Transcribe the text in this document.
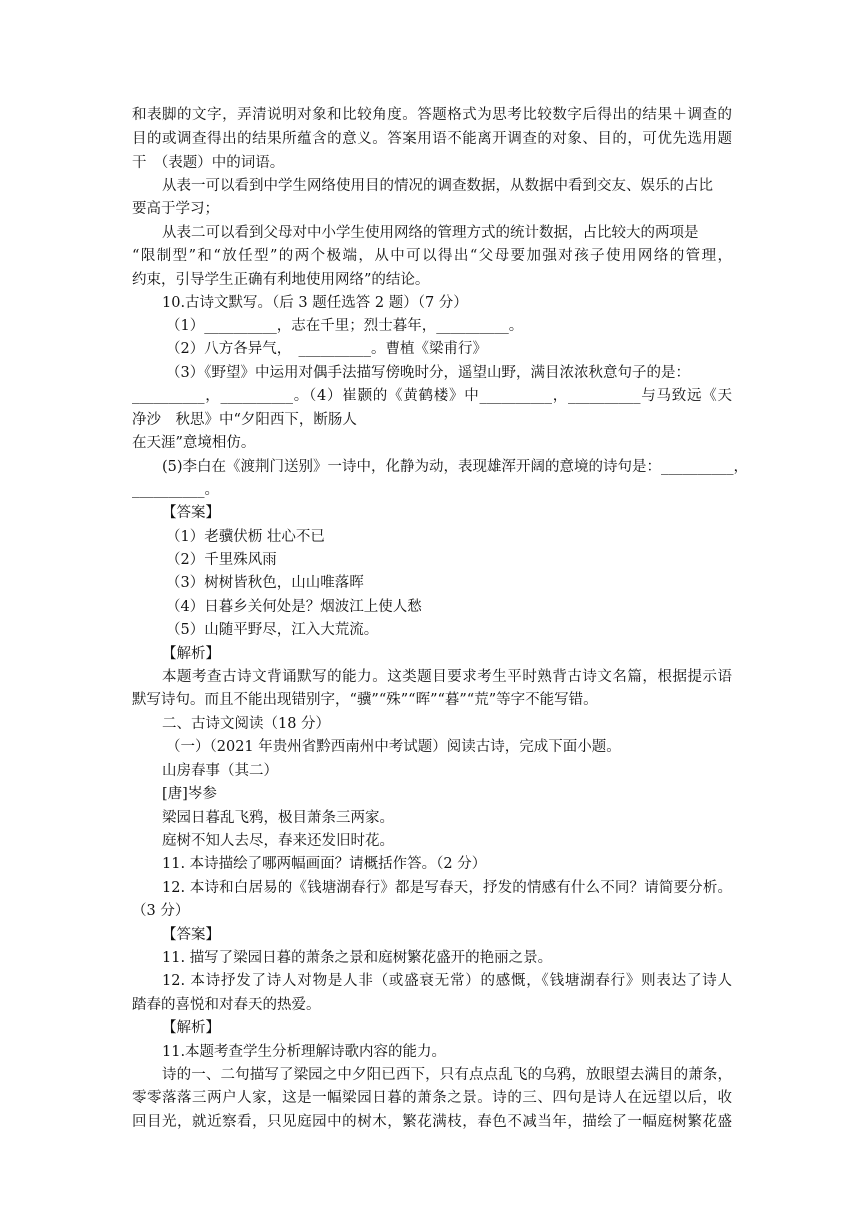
和表脚的文字，弄清说明对象和比较角度。答题格式为思考比较数字后得出的结果＋调查的
目的或调查得出的结果所蕴含的意义。答案用语不能离开调查的对象、目的，可优先选用题
干　（表题）中的词语。
从表一可以看到中学生网络使用目的情况的调查数据，从数据中看到交友、娱乐的占比
要高于学习；
从表二可以看到父母对中小学生使用网络的管理方式的统计数据，占比较大的两项是
“限制型”和“放任型”的两个极端，从中可以得出“父母要加强对孩子使用网络的管理，
约束，引导学生正确有利地使用网络”的结论。
10.古诗文默写。（后 3 题任选答 2 题）（7 分）
（1）__________，志在千里；烈士暮年，__________。
（2）八方各异气，　__________。曹植《梁甫行》
（3）《野望》中运用对偶手法描写傍晚时分，遥望山野，满目浓浓秋意句子的是：
__________，__________。（4）崔颢的《黄鹤楼》中__________，__________与马致远《天
净沙　秋思》中“夕阳西下，断肠人
在天涯”意境相仿。
(5)李白在《渡荆门送别》一诗中，化静为动，表现雄浑开阔的意境的诗句是：__________，
__________。
【答案】
（1）老骥伏枥 壮心不已
（2）千里殊风雨
（3）树树皆秋色，山山唯落晖
（4）日暮乡关何处是？烟波江上使人愁
（5）山随平野尽，江入大荒流。
【解析】
本题考查古诗文背诵默写的能力。这类题目要求考生平时熟背古诗文名篇，根据提示语
默写诗句。而且不能出现错别字，“骥”“殊”“晖”“暮”“荒”等字不能写错。
二、古诗文阅读（18 分）
（一）（2021 年贵州省黔西南州中考试题）阅读古诗，完成下面小题。
山房春事（其二）
[唐]岑参
梁园日暮乱飞鸦，极目萧条三两家。
庭树不知人去尽，春来还发旧时花。
11. 本诗描绘了哪两幅画面？请概括作答。（2 分）
12. 本诗和白居易的《钱塘湖春行》都是写春天，抒发的情感有什么不同？请简要分析。
（3 分）
【答案】
11. 描写了梁园日暮的萧条之景和庭树繁花盛开的艳丽之景。
12. 本诗抒发了诗人对物是人非（或盛衰无常）的感慨，《钱塘湖春行》则表达了诗人
踏春的喜悦和对春天的热爱。
【解析】
11.本题考查学生分析理解诗歌内容的能力。
诗的一、二句描写了梁园之中夕阳已西下，只有点点乱飞的乌鸦，放眼望去满目的萧条，
零零落落三两户人家，这是一幅梁园日暮的萧条之景。诗的三、四句是诗人在远望以后，收
回目光，就近察看，只见庭园中的树木，繁花满枝，春色不减当年，描绘了一幅庭树繁花盛
